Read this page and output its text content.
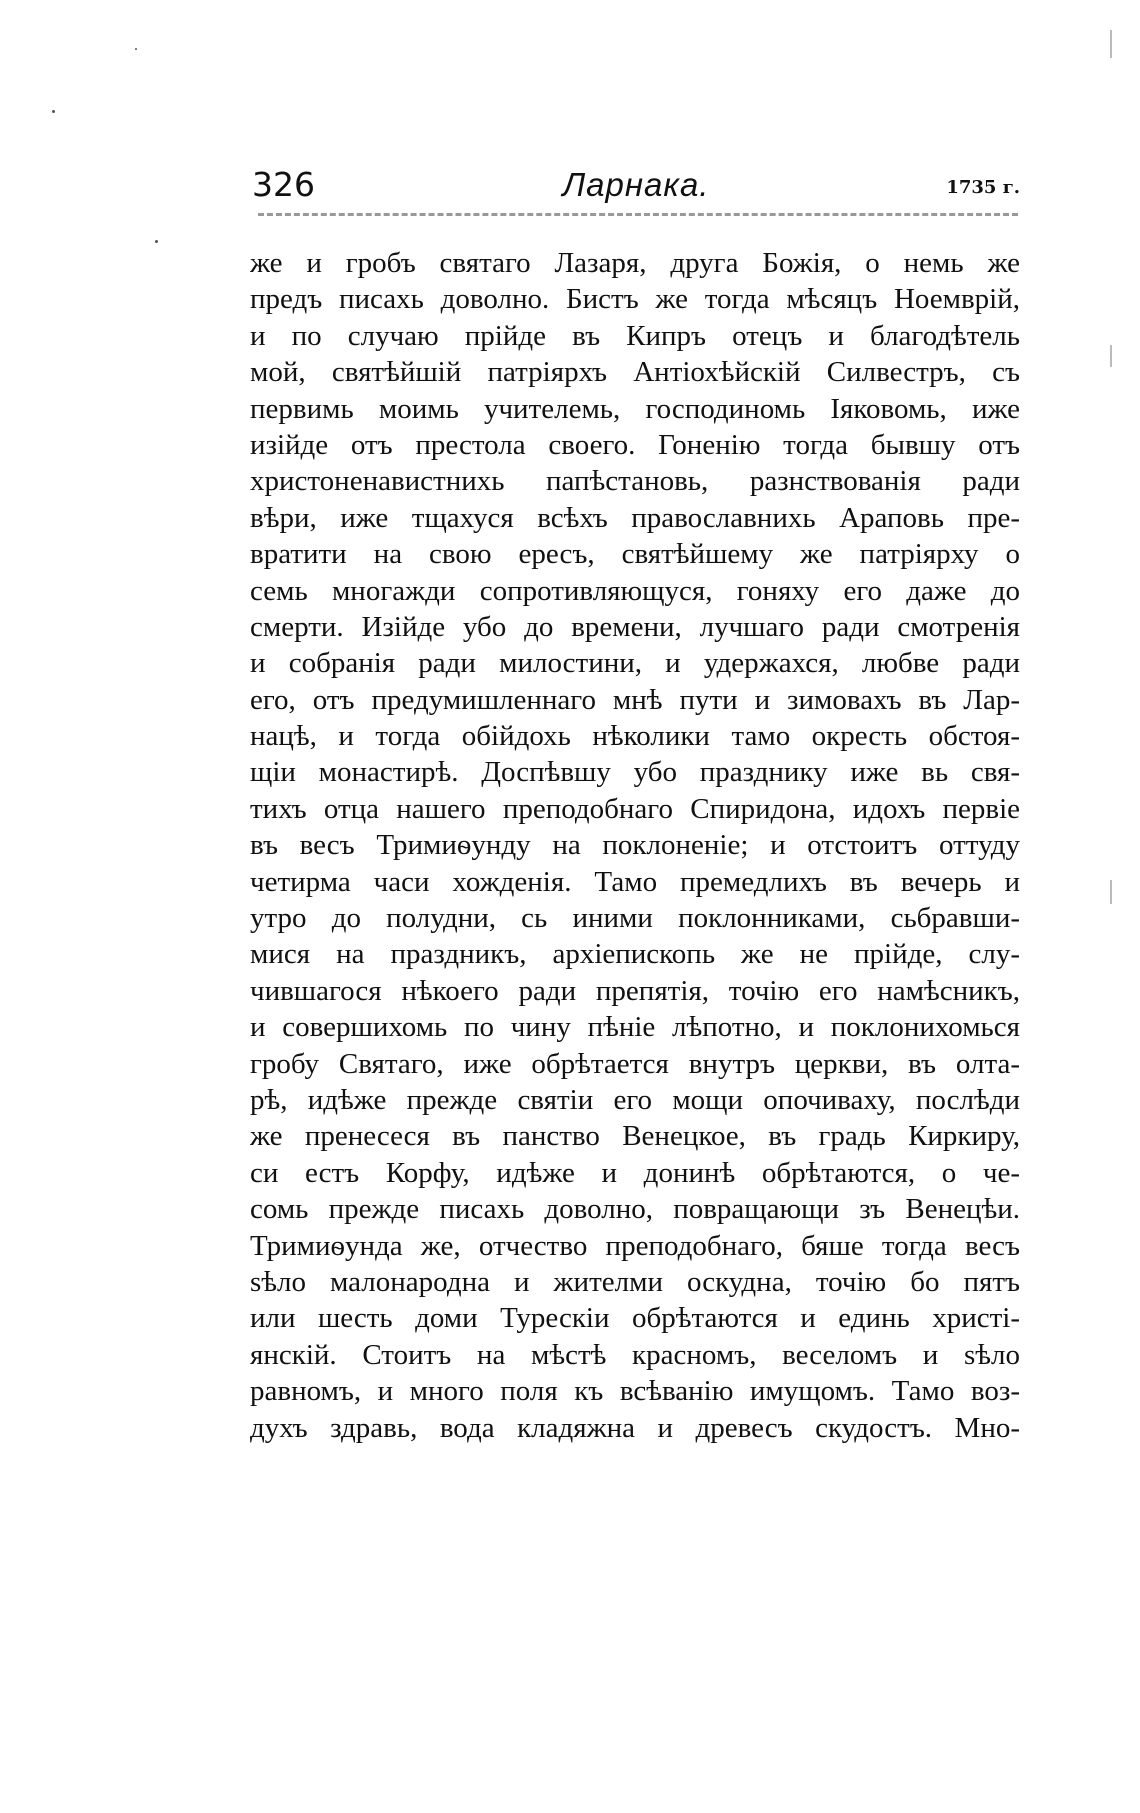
326	Ларнака.	1735 г.
же и гробъ святаго Лазаря, друга Божія, о немь же
предъ писахь доволно. Бистъ же тогда мѣсяцъ Ноемврій,
и по случаю прійде въ Кипръ отецъ и благодѣтель
мой, святѣйшій патріярхъ Антіохѣйскій Силвестръ, съ
первимь моимь учителемь, господиномь Іяковомь, иже
изійде отъ престола своего. Гоненію тогда бывшу отъ
христоненавистнихь папѣстановь, разнствованія ради
вѣри, иже тщахуся всѣхъ православнихь Араповь пре-
вратити на свою ересъ, святѣйшему же патріярху о
семь многажди сопротивляющуся, гоняху его даже до
смерти. Изійде убо до времени, лучшаго ради смотренія
и собранія ради милостини, и удержахся, любве ради
его, отъ предумишленнаго мнѣ пути и зимовахъ въ Лар-
нацѣ, и тогда обійдохь нѣколики тамо окресть обстоя-
щіи монастирѣ. Доспѣвшу убо празднику иже вь свя-
тихъ отца нашего преподобнаго Спиридона, идохъ первіе
въ весъ Тримиѳунду на поклоненіе; и отстоитъ оттуду
четирма часи хожденія. Тамо премедлихъ въ вечерь и
утро до полудни, сь иними поклонниками, сьбравши-
мися на праздникъ, архіепископь же не прійде, слу-
чившагося нѣкоего ради препятія, точію его намѣсникъ,
и совершихомь по чину пѣніе лѣпотно, и поклонихомься
гробу Святаго, иже обрѣтается внутръ церкви, въ олта-
рѣ, идѣже прежде святіи его мощи опочиваху, послѣди
же пренесеся въ панство Венецкое, въ градь Киркиру,
си естъ Корфу, идѣже и донинѣ обрѣтаются, о че-
сомь прежде писахь доволно, повращающи зъ Венецѣи.
Тримиѳунда же, отчество преподобнаго, бяше тогда весъ
ѕѣло малонародна и жителми оскудна, точію бо пятъ
или шесть доми Турескіи обрѣтаются и единь христі-
янскій. Стоитъ на мѣстѣ красномъ, веселомъ и ѕѣло
равномъ, и много поля къ всѣванію имущомъ. Тамо воз-
духъ здравь, вода кладяжна и древесъ скудостъ. Мно-
